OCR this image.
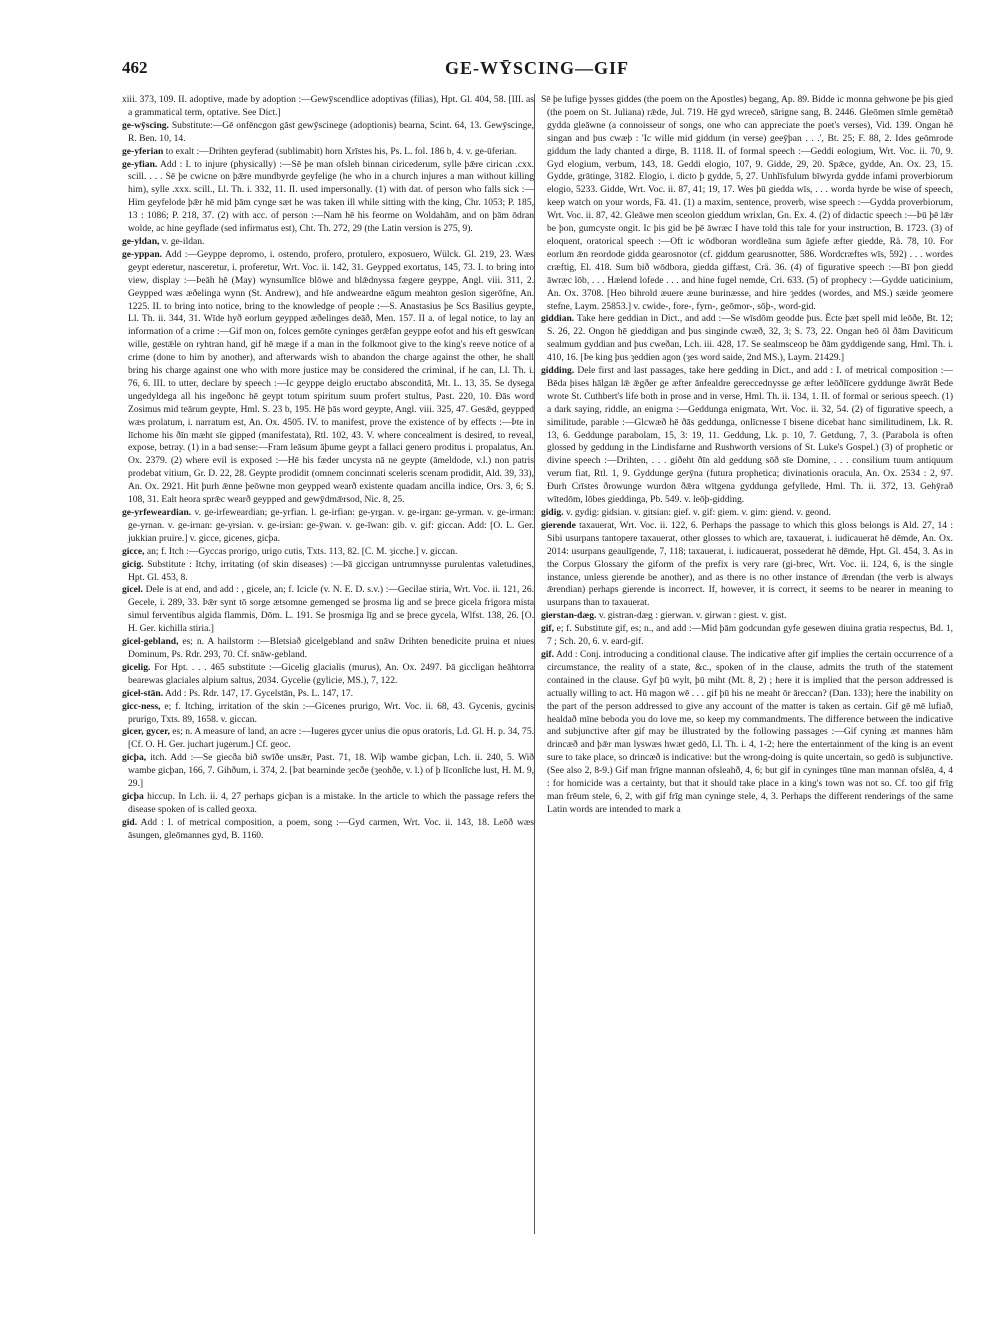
462	GE-WȲSCING—GIF

xiii. 373, 109. II. adoptive, made by adoption :—Gewȳscendlice adoptivas (filias), Hpt. Gl. 404, 58. [III. as a grammatical term, optative. See Dict.]

ge-wȳscing. Substitute:—Gē onfēncgon gāst gewȳscinege (adoptionis) bearna, Scint. 64, 13. Gewȳscinge, R. Ben. 10, 14.

ge-yferian to exalt :—Drihten geyferad (sublimabit) horn Xrīstes his, Ps. L. fol. 186 b, 4. v. ge-ūferian.

ge-yfian. Add : I. to injure (physically) :—Sē þe man ofsleh binnan ciricederum, sylle þǣre cirican .cxx. scill. . . . Sē þe cwicne on þǣre mundbyrde geyfelige (he who in a church injures a man without killing him), sylle .xxx. scill., Ll. Th. i. 332, 11. II. used impersonally. (1) with dat. of person who falls sick :—Him geyfelode þǣr hē mid þām cynge sæt he was taken ill while sitting with the king, Chr. 1053; P. 185, 13 : 1086; P. 218, 37. (2) with acc. of person :—Nam hē his feorme on Woldahām, and on þām ōdran wolde, ac hine geyflade (sed infirmatus est), Cht. Th. 272, 29 (the Latin version is 275, 9).

ge-yldan, v. ge-ildan.

ge-yppan. Add :—Geyppe depromo, i. ostendo, profero, protulero, exposuero, Wülck. Gl. 219, 23. Wæs geypt ederetur, nasceretur, i. proferetur, Wrt. Voc. ii. 142, 31. Geypped exortatus, 145, 73. I. to bring into view, display :—Þeāh hē (May) wynsumlīce blōwe and blǣdnyssa fægere geyppe, Angl. viii. 311, 2. Geypped wæs æðelinga wynn (St. Andrew), and hīe andweardne eāgum meahton gesīon sigerōfne, An. 1225. II. to bring into notice, bring to the knowledge of people :—S. Anastasius þe Scs Basilius geypte, Ll. Th. ii. 344, 31. Wīde hyð eorlum geypped æðelinges deāð, Men. 157. II a. of legal notice, to lay an information of a crime :—Gif mon on, folces gemōte cyninges gerǣfan geyppe eofot and his eft geswīcan wille, gestǣle on ryhtran hand, gif hē mæge if a man in the folkmoot give to the king's reeve notice of a crime (done to him by another), and afterwards wish to abandon the charge against the other, he shall bring his charge against one who with more justice may be considered the criminal, if he can, Ll. Th. i. 76, 6. III. to utter, declare by speech :—Ic geyppe deiglo eructabo absconditā, Mt. L. 13, 35. Se dysega ungedyldega all his ingeðonc hē geypt totum spiritum suum profert stultus, Past. 220, 10. Ðās word Zosimus mid teārum geypte, Hml. S. 23 b, 195. Hē þās word geypte, Angl. viii. 325, 47. Gesǣd, geypped wæs prolatum, i. narratum est, An. Ox. 4505. IV. to manifest, prove the existence of by effects :—Þte in līchome his ðīn mæht sīe gipped (manifestata), Rtl. 102, 43. V. where concealment is desired, to reveal, expose, betray. (1) in a bad sense:—Fram leāsum āþume geypt a fallaci genero proditus i. propalatus, An. Ox. 2379. (2) where evil is exposed :—Hē his fæder uncysta nā ne geypte (āmeldode, v.l.) non patris prodebat vitium, Gr. D. 22, 28. Geypte prodidit (omnem concinnati sceleris scenam prodidit, Ald. 39, 33), An. Ox. 2921. Hit þurh ǣnne þeōwne mon geypped wearð existente quadam ancilla indice, Ors. 3, 6; S. 108, 31. Ealt heora sprǣc wearð geypped and gewȳdmǣrsod, Nic. 8, 25.

ge-yrfeweardian. v. ge-irfeweardian; ge-yrfian. l. ge-irfian: ge-yrgan. v. ge-irgan: ge-yrman. v. ge-irman: ge-yrnan. v. ge-irnan: ge-yrsian. v. ge-irsian: ge-ȳwan. v. ge-īwan: gib. v. gif: giccan. Add: [O. L. Ger. jukkian pruire.] v. gicce, gicenes, gicþa.

gicce, an; f. Itch :—Gyccas prorigo, urigo cutis, Txts. 113, 82. [C. M. ȝicche.] v. giccan.

gicig. Substitute : Itchy, irritating (of skin diseases) :—Þā giccigan untrumnysse purulentas valetudines, Hpt. Gl. 453, 8.

gicel. Dele is at end, and add : , gicele, an; f. Icicle (v. N. E. D. s.v.) :—Gecilae stiria, Wrt. Voc. ii. 121, 26. Gecele, i. 289, 33. Þǣr synt tō sorge ætsomne gemenged se þrosma lig and se þrece gicela frigora mista simul ferventibus algida flammis, Dōm. L. 191. Se þrosmiga līg and se þrece gycela, Wlfst. 138, 26. [O. H. Ger. kichilla stiria.]

gicel-gebland, es; n. A hailstorm :—Bletsiað gicelgebland and snāw Drihten benedicite pruina et niues Dominum, Ps. Rdr. 293, 70. Cf. snāw-gebland.

gicelig. For Hpt. . . . 465 substitute :—Gicelig glacialis (murus), An. Ox. 2497. Þā giccligan heāhtorra bearewas glaciales alpium saltus, 2034. Gycelie (gylicie, MS.), 7, 122.

gicel-stān. Add : Ps. Rdr. 147, 17. Gycelstān, Ps. L. 147, 17.

gicc-ness, e; f. Itching, irritation of the skin :—Gicenes prurigo, Wrt. Voc. ii. 68, 43. Gycenis, gycinis prurigo, Txts. 89, 1658. v. giccan.

gicer, gycer, es; n. A measure of land, an acre :—Iugeres gycer unius die opus oratoris, Ld. Gl. H. p. 34, 75. [Cf. O. H. Ger. juchart jugerum.] Cf. geoc.

gicþa, itch. Add :—Se giecða bið swīðe unsǣr, Past. 71, 18. Wiþ wambe gicþan, Lch. ii. 240, 5. Wið wambe gicþan, 166, 7. Gihðum, i. 374, 2. [Þat bearninde ȝecðe (ȝeohðe, v. l.) of þ līconlīche lust, H. M. 9, 29.]

gicþa hiccup. In Lch. ii. 4, 27 perhaps gicþan is a mistake. In the article to which the passage refers the disease spoken of is called geoxa.

gid. Add : I. of metrical composition, a poem, song :—Gyd carmen, Wrt. Voc. ii. 143, 18. Leōð wæs āsungen, gleōmannes gyd, B. 1160.

Sē þe lufige þysses giddes (the poem on the Apostles) begang, Ap. 89. Bidde ic monna gehwone þe þis gied (the poem on St. Juliana) rǣde, Jul. 719. Hē gyd wreceð, sārigne sang, B. 2446. Gleōmen sīmle gemētað gydda gleāwne (a connoisseur of songs, one who can appreciate the poet's verses), Vid. 139. Ongan hē singan and þus cwæþ : 'Ic wille mid giddum (in verse) geeȳþan . . .', Bt. 25; F. 88, 2. Ides geōmrode giddum the lady chanted a dirge, B. 1118. II. of formal speech :—Geddi eologium, Wrt. Voc. ii. 70, 9. Gyd elogium, verbum, 143, 18. Geddi elogio, 107, 9. Gidde, 29, 20. Spǣce, gydde, An. Ox. 23, 15. Gydde, grātinge, 3182. Elogio, i. dicto þ gydde, 5, 27. Unhlīsfulum bīwyrda gydde infami proverbiorum elogio, 5233. Gidde, Wrt. Voc. ii. 87, 41; 19, 17. Wes þū giedda wīs, . . . worda hyrde be wise of speech, keep watch on your words, Fā. 41. (1) a maxim, sentence, proverb, wise speech :—Gydda proverbiorum, Wrt. Voc. ii. 87, 42. Gleāwe men sceolon gieddum wrixlan, Gn. Ex. 4. (2) of didactic speech :—Þū þē lǣr be þon, gumcyste ongit. Ic þis gid be þē āwræc I have told this tale for your instruction, B. 1723. (3) of eloquent, oratorical speech :—Oft ic wōdboran wordleāna sum āgiefe æfter giedde, Rä. 78, 10. For eorlum ǣn reordode gidda gearosnotor (cf. giddum gearusnotter, 586. Wordcræftes wīs, 592) . . . wordes cræftig, El. 418. Sum bið wōdbora, giedda giffæst, Crä. 36. (4) of figurative speech :—Bī þon giedd āwræc lōb, . . . Hælend lofede . . . and hine fugel nemde, Cri. 633. (5) of prophecy :—Gydde uaticinium, An. Ox. 3708. [Heo bihrold æuere æune burinæsse, and hire ȝeddes (wordes, and MS.) sæide ȝeomere stefne, Laym. 25853.] v. cwide-, fore-, fyrn-, geōmor-, sōþ-, word-gid.

giddian. Take here geddian in Dict., and add :—Se wīsdōm geodde þus. Ēcte þæt spell mid leōðe, Bt. 12; S. 26, 22. Ongon hē gieddigan and þus singinde cwæð, 32, 3; S. 73, 22. Ongan heō ōl ðām Daviticum sealmum gyddian and þus cweðan, Lch. iii. 428, 17. Se sealmsceop be ðām gyddigende sang, Hml. Th. i. 410, 16. [Þe king þus ȝeddien agon (ȝes word saide, 2nd MS.), Laym. 21429.]

gidding. Dele first and last passages, take here gedding in Dict., and add : I. of metrical composition :—Bēda þises hālgan lǣ ǣgðer ge æfter ānfealdre gereccednysse ge æfter leōðlīcere gyddunge āwrāt Bede wrote St. Cuthbert's life both in prose and in verse, Hml. Th. ii. 134, 1. II. of formal or serious speech. (1) a dark saying, riddle, an enigma :—Geddunga enigmata, Wrt. Voc. ii. 32, 54. (2) of figurative speech, a similitude, parable :—Glcwæð hē ðās geddunga, onlīcnesse ī bisene dicebat hanc similitudinem, Lk. R. 13, 6. Geddunge parabolam, 15, 3: 19, 11. Geddung, Lk. p. 10, 7. Getdung, 7, 3. (Parabola is often glossed by geddung in the Lindisfarne and Rushworth versions of St. Luke's Gospel.) (3) of prophetic or divine speech :—Drihten, . . . giðeht ðīn ald geddung sōð sīe Domine, . . . consilium tuum antiquum verum fiat, Rtl. 1, 9. Gyddunge gerȳna (futura prophetica; divinationis oracula, An. Ox. 2534 : 2, 97. Ðurh Crīstes ðrowunge wurdon ðǣra wītgena gyddunga gefyllede, Hml. Th. ii. 372, 13. Gehȳrað wītedōm, lōbes gieddinga, Pb. 549. v. leōþ-gidding.

gidig. v. gydig: gidsian. v. gitsian: gief. v. gif: giem. v. gim: giend. v. geond.

gierende taxauerat, Wrt. Voc. ii. 122, 6. Perhaps the passage to which this gloss belongs is Ald. 27, 14 : Sibi usurpans tantopere taxauerat, other glosses to which are, taxauerat, i. iudicauerat hē dēmde, An. Ox. 2014: usurpans geaulīgende, 7, 118; taxauerat, i. iudicauerat, possederat hē dēmde, Hpt. Gl. 454, 3. As in the Corpus Glossary the giform of the prefix is very rare (gi-brec, Wrt. Voc. ii. 124, 6, is the single instance, unless gierende be another), and as there is no other instance of ǣrendan (the verb is always ǣrendian) perhaps gierende is incorrect. If, however, it is correct, it seems to be nearer in meaning to usurpans than to taxauerat.

gierstan-dæg. v. gistran-dæg : gierwan. v. girwan : giest. v. gist.

gif, e; f. Substitute gif, es; n., and add :—Mid þām godcundan gyfe gesewen diuina gratia respectus, Bd. 1, 7 ; Sch. 20, 6. v. eard-gif.

gif. Add : Conj. introducing a conditional clause. The indicative after gif implies the certain occurrence of a circumstance, the reality of a state, &c., spoken of in the clause, admits the truth of the statement contained in the clause. Gyf þū wylt, þū miht (Mt. 8, 2) ; here it is implied that the person addressed is actually willing to act. Hū magon wē . . . gif þū his ne meaht ōr āreccan? (Dan. 133); here the inability on the part of the person addressed to give any account of the matter is taken as certain. Gif gē mē lufiað, healdað mīne beboda you do love me, so keep my commandments. The difference between the indicative and subjunctive after gif may be illustrated by the following passages :—Gif cyning æt mannes hām drincæð and þǣr man lyswæs hwæt gedō, Ll. Th. i. 4, 1-2; here the entertainment of the king is an event sure to take place, so drincæð is indicative: but the wrong-doing is quite uncertain, so gedō is subjunctive. (See also 2, 8-9.) Gif man frīgne mannan ofsleahð, 4, 6; but gif in cyninges tūne man mannan ofslēa, 4, 4 : for homicide was a certainty, but that it should take place in a king's town was not so. Cf. too gif frīg man frēum stele, 6, 2, with gif frīg man cyninge stele, 4, 3. Perhaps the different renderings of the same Latin words are intended to mark a
